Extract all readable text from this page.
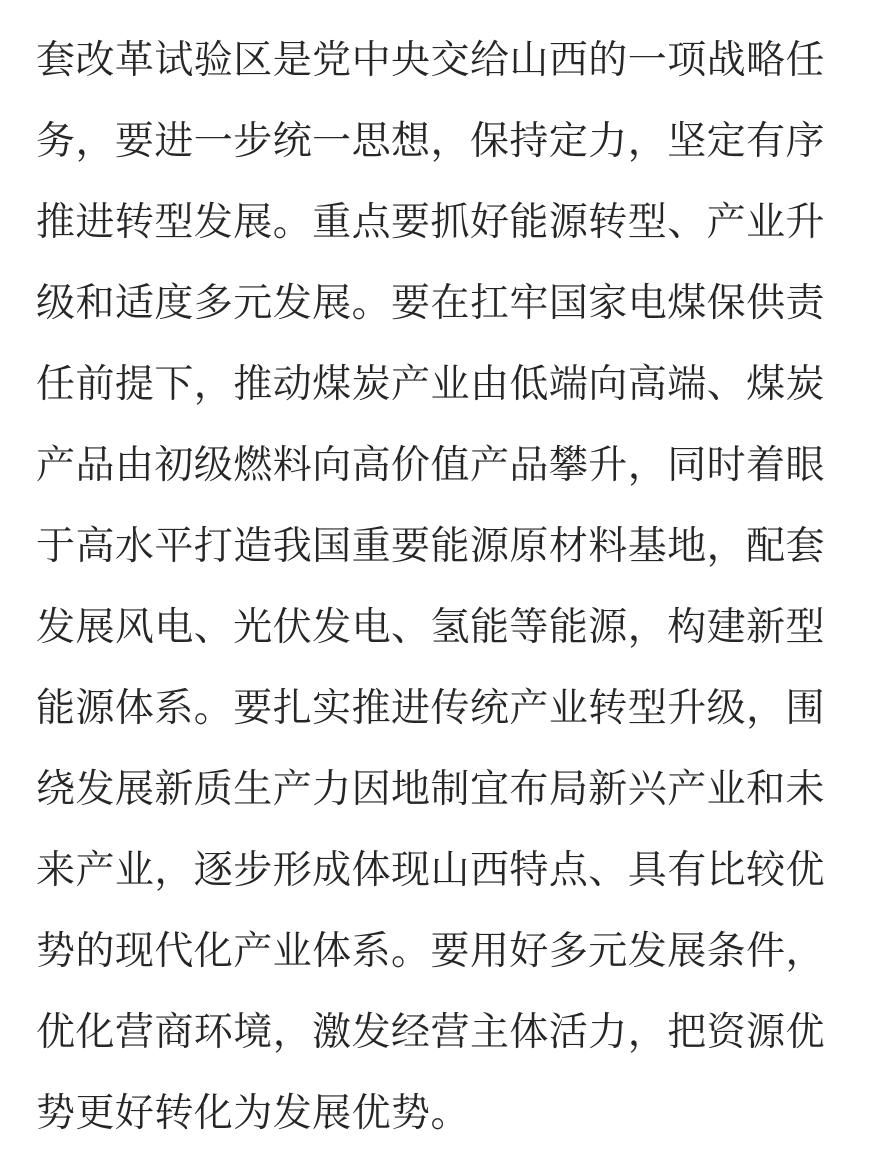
套改革试验区是党中央交给山西的一项战略任
务，要进一步统一思想，保持定力，坚定有序
推进转型发展。重点要抓好能源转型、产业升
级和适度多元发展。要在扛牢国家电煤保供责
任前提下，推动煤炭产业由低端向高端、煤炭
产品由初级燃料向高价值产品攀升，同时着眼
于高水平打造我国重要能源原材料基地，配套
发展风电、光伏发电、氢能等能源，构建新型
能源体系。要扎实推进传统产业转型升级，围
绕发展新质生产力因地制宜布局新兴产业和未
来产业，逐步形成体现山西特点、具有比较优
势的现代化产业体系。要用好多元发展条件，
优化营商环境，激发经营主体活力，把资源优
势更好转化为发展优势。
